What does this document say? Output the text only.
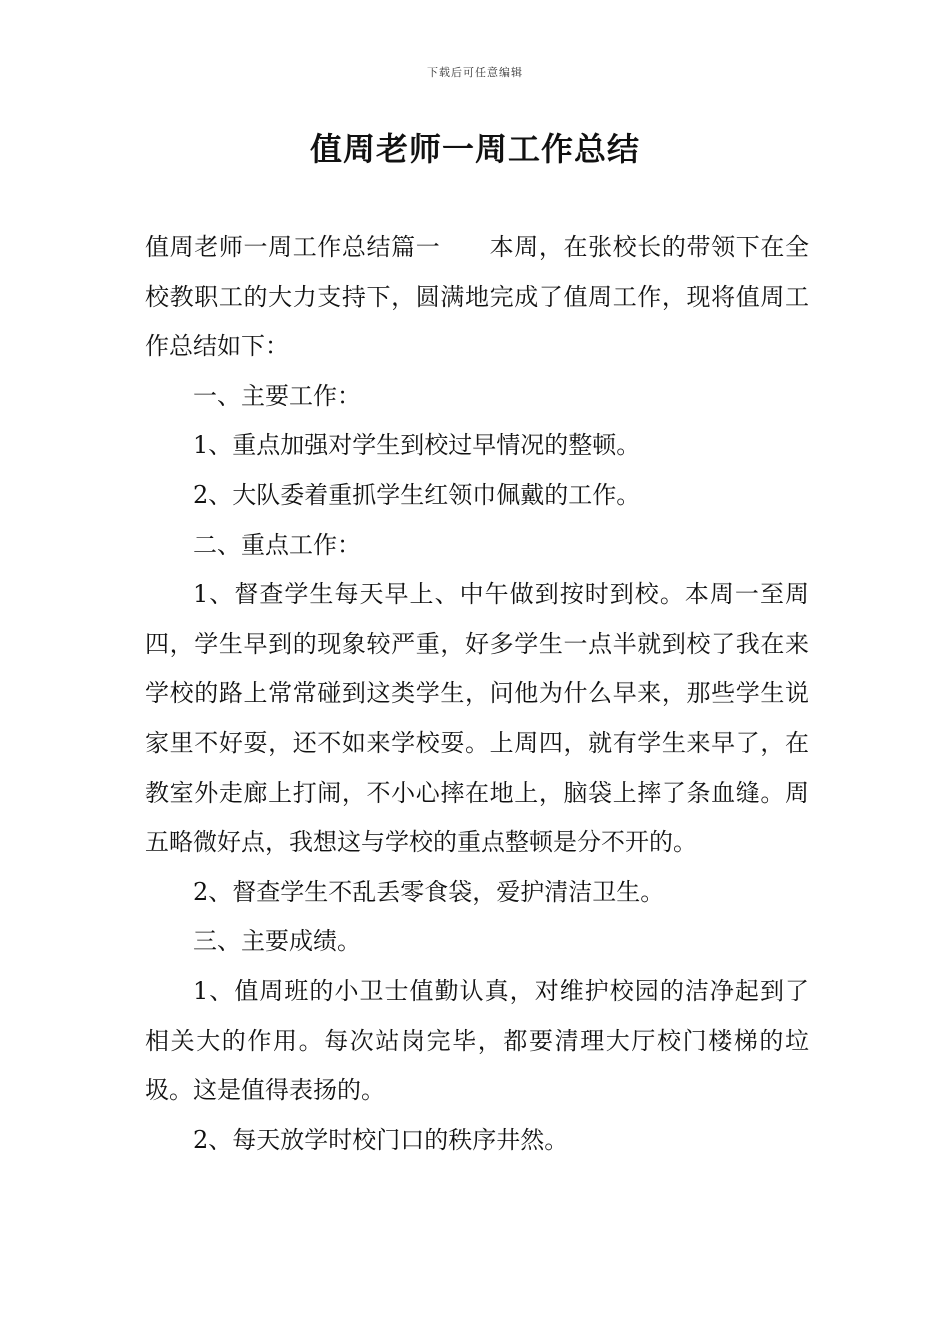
下载后可任意编辑
值周老师一周工作总结

值周老师一周工作总结篇一　　本周，在张校长的带领下在全校教职工的大力支持下，圆满地完成了值周工作，现将值周工作总结如下：

一、主要工作：

1、重点加强对学生到校过早情况的整顿。

2、大队委着重抓学生红领巾佩戴的工作。

二、重点工作：

1、督查学生每天早上、中午做到按时到校。本周一至周四，学生早到的现象较严重，好多学生一点半就到校了我在来学校的路上常常碰到这类学生，问他为什么早来，那些学生说家里不好耍，还不如来学校耍。上周四，就有学生来早了，在教室外走廊上打闹，不小心摔在地上，脑袋上摔了条血缝。周五略微好点，我想这与学校的重点整顿是分不开的。

2、督查学生不乱丢零食袋，爱护清洁卫生。

三、主要成绩。

1、值周班的小卫士值勤认真，对维护校园的洁净起到了 相关大的作用。每次站岗完毕，都要清理大厅校门楼梯的垃圾。这是值得表扬的。

2、每天放学时校门口的秩序井然。
